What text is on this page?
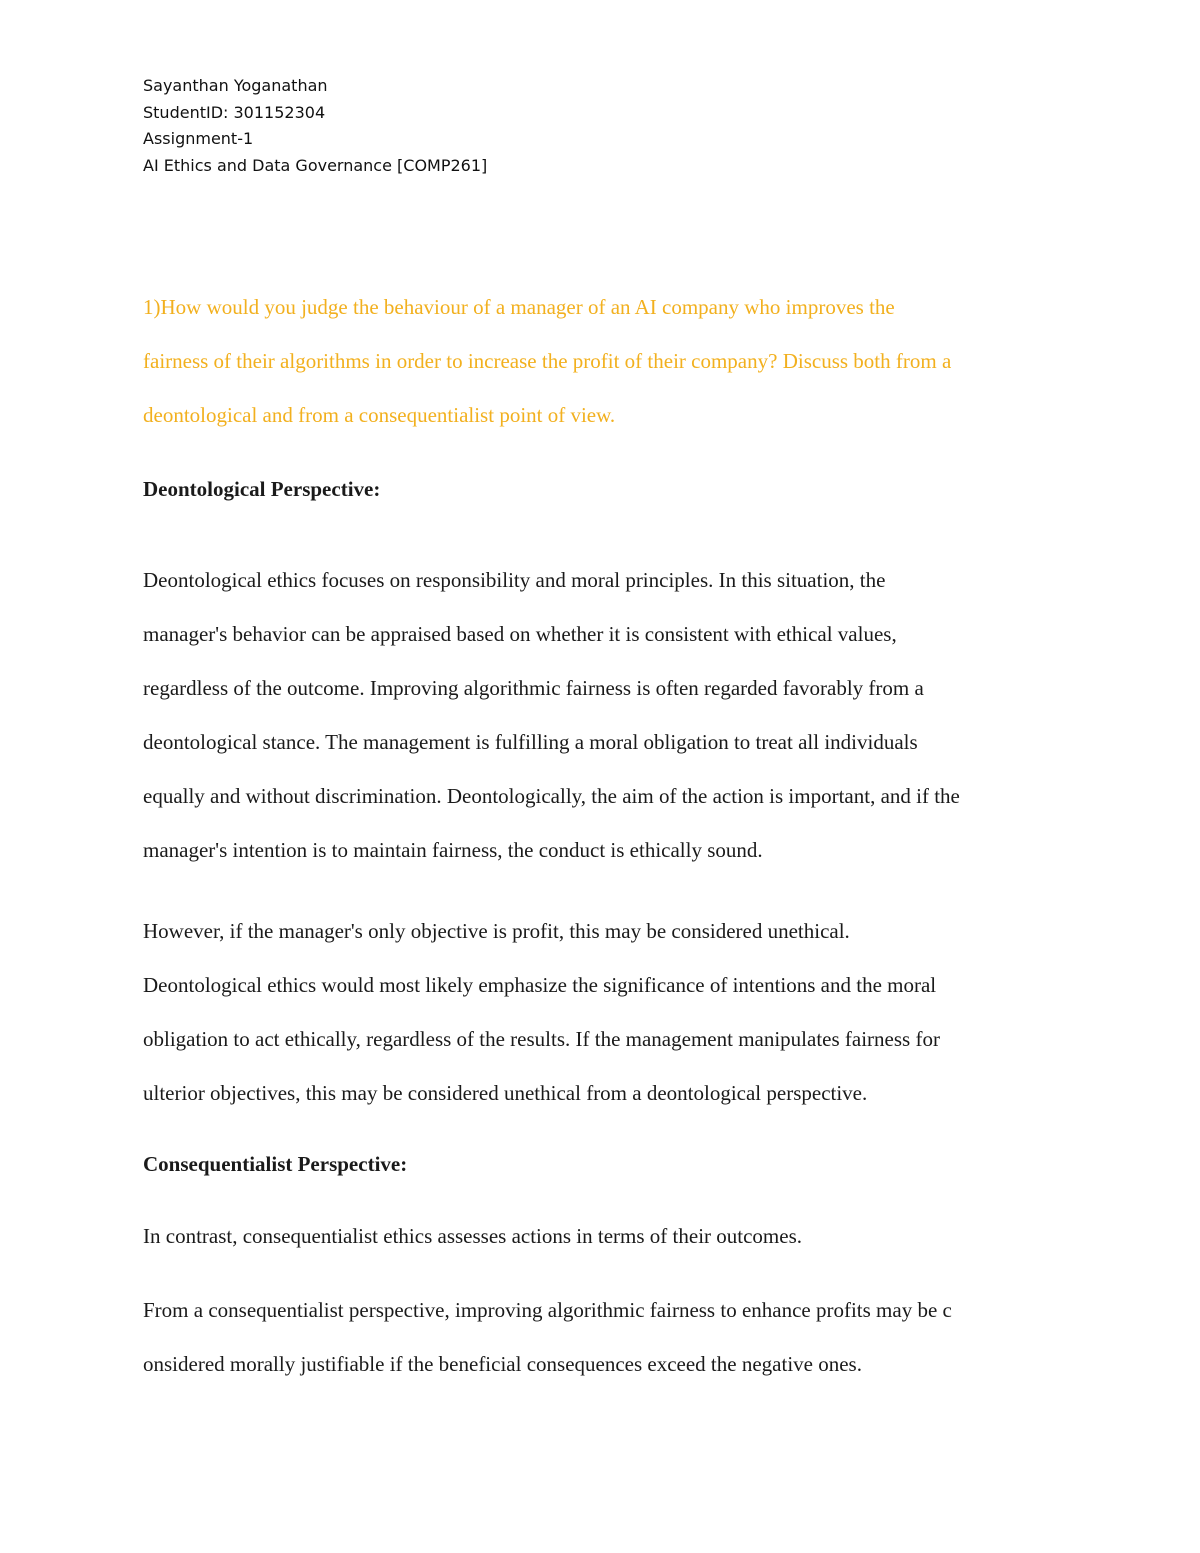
Sayanthan Yoganathan
StudentID: 301152304
Assignment-1
AI Ethics and Data Governance [COMP261]
1)How would you judge the behaviour of a manager of an AI company who improves the
fairness of their algorithms in order to increase the profit of their company? Discuss both from a
deontological and from a consequentialist point of view.
Deontological Perspective:
Deontological ethics focuses on responsibility and moral principles. In this situation, the
manager's behavior can be appraised based on whether it is consistent with ethical values,
regardless of the outcome. Improving algorithmic fairness is often regarded favorably from a
deontological stance. The management is fulfilling a moral obligation to treat all individuals
equally and without discrimination. Deontologically, the aim of the action is important, and if the
manager's intention is to maintain fairness, the conduct is ethically sound.
However, if the manager's only objective is profit, this may be considered unethical.
Deontological ethics would most likely emphasize the significance of intentions and the moral
obligation to act ethically, regardless of the results. If the management manipulates fairness for
ulterior objectives, this may be considered unethical from a deontological perspective.
Consequentialist Perspective:
In contrast, consequentialist ethics assesses actions in terms of their outcomes.
From a consequentialist perspective, improving algorithmic fairness to enhance profits may be c
onsidered morally justifiable if the beneficial consequences exceed the negative ones.
